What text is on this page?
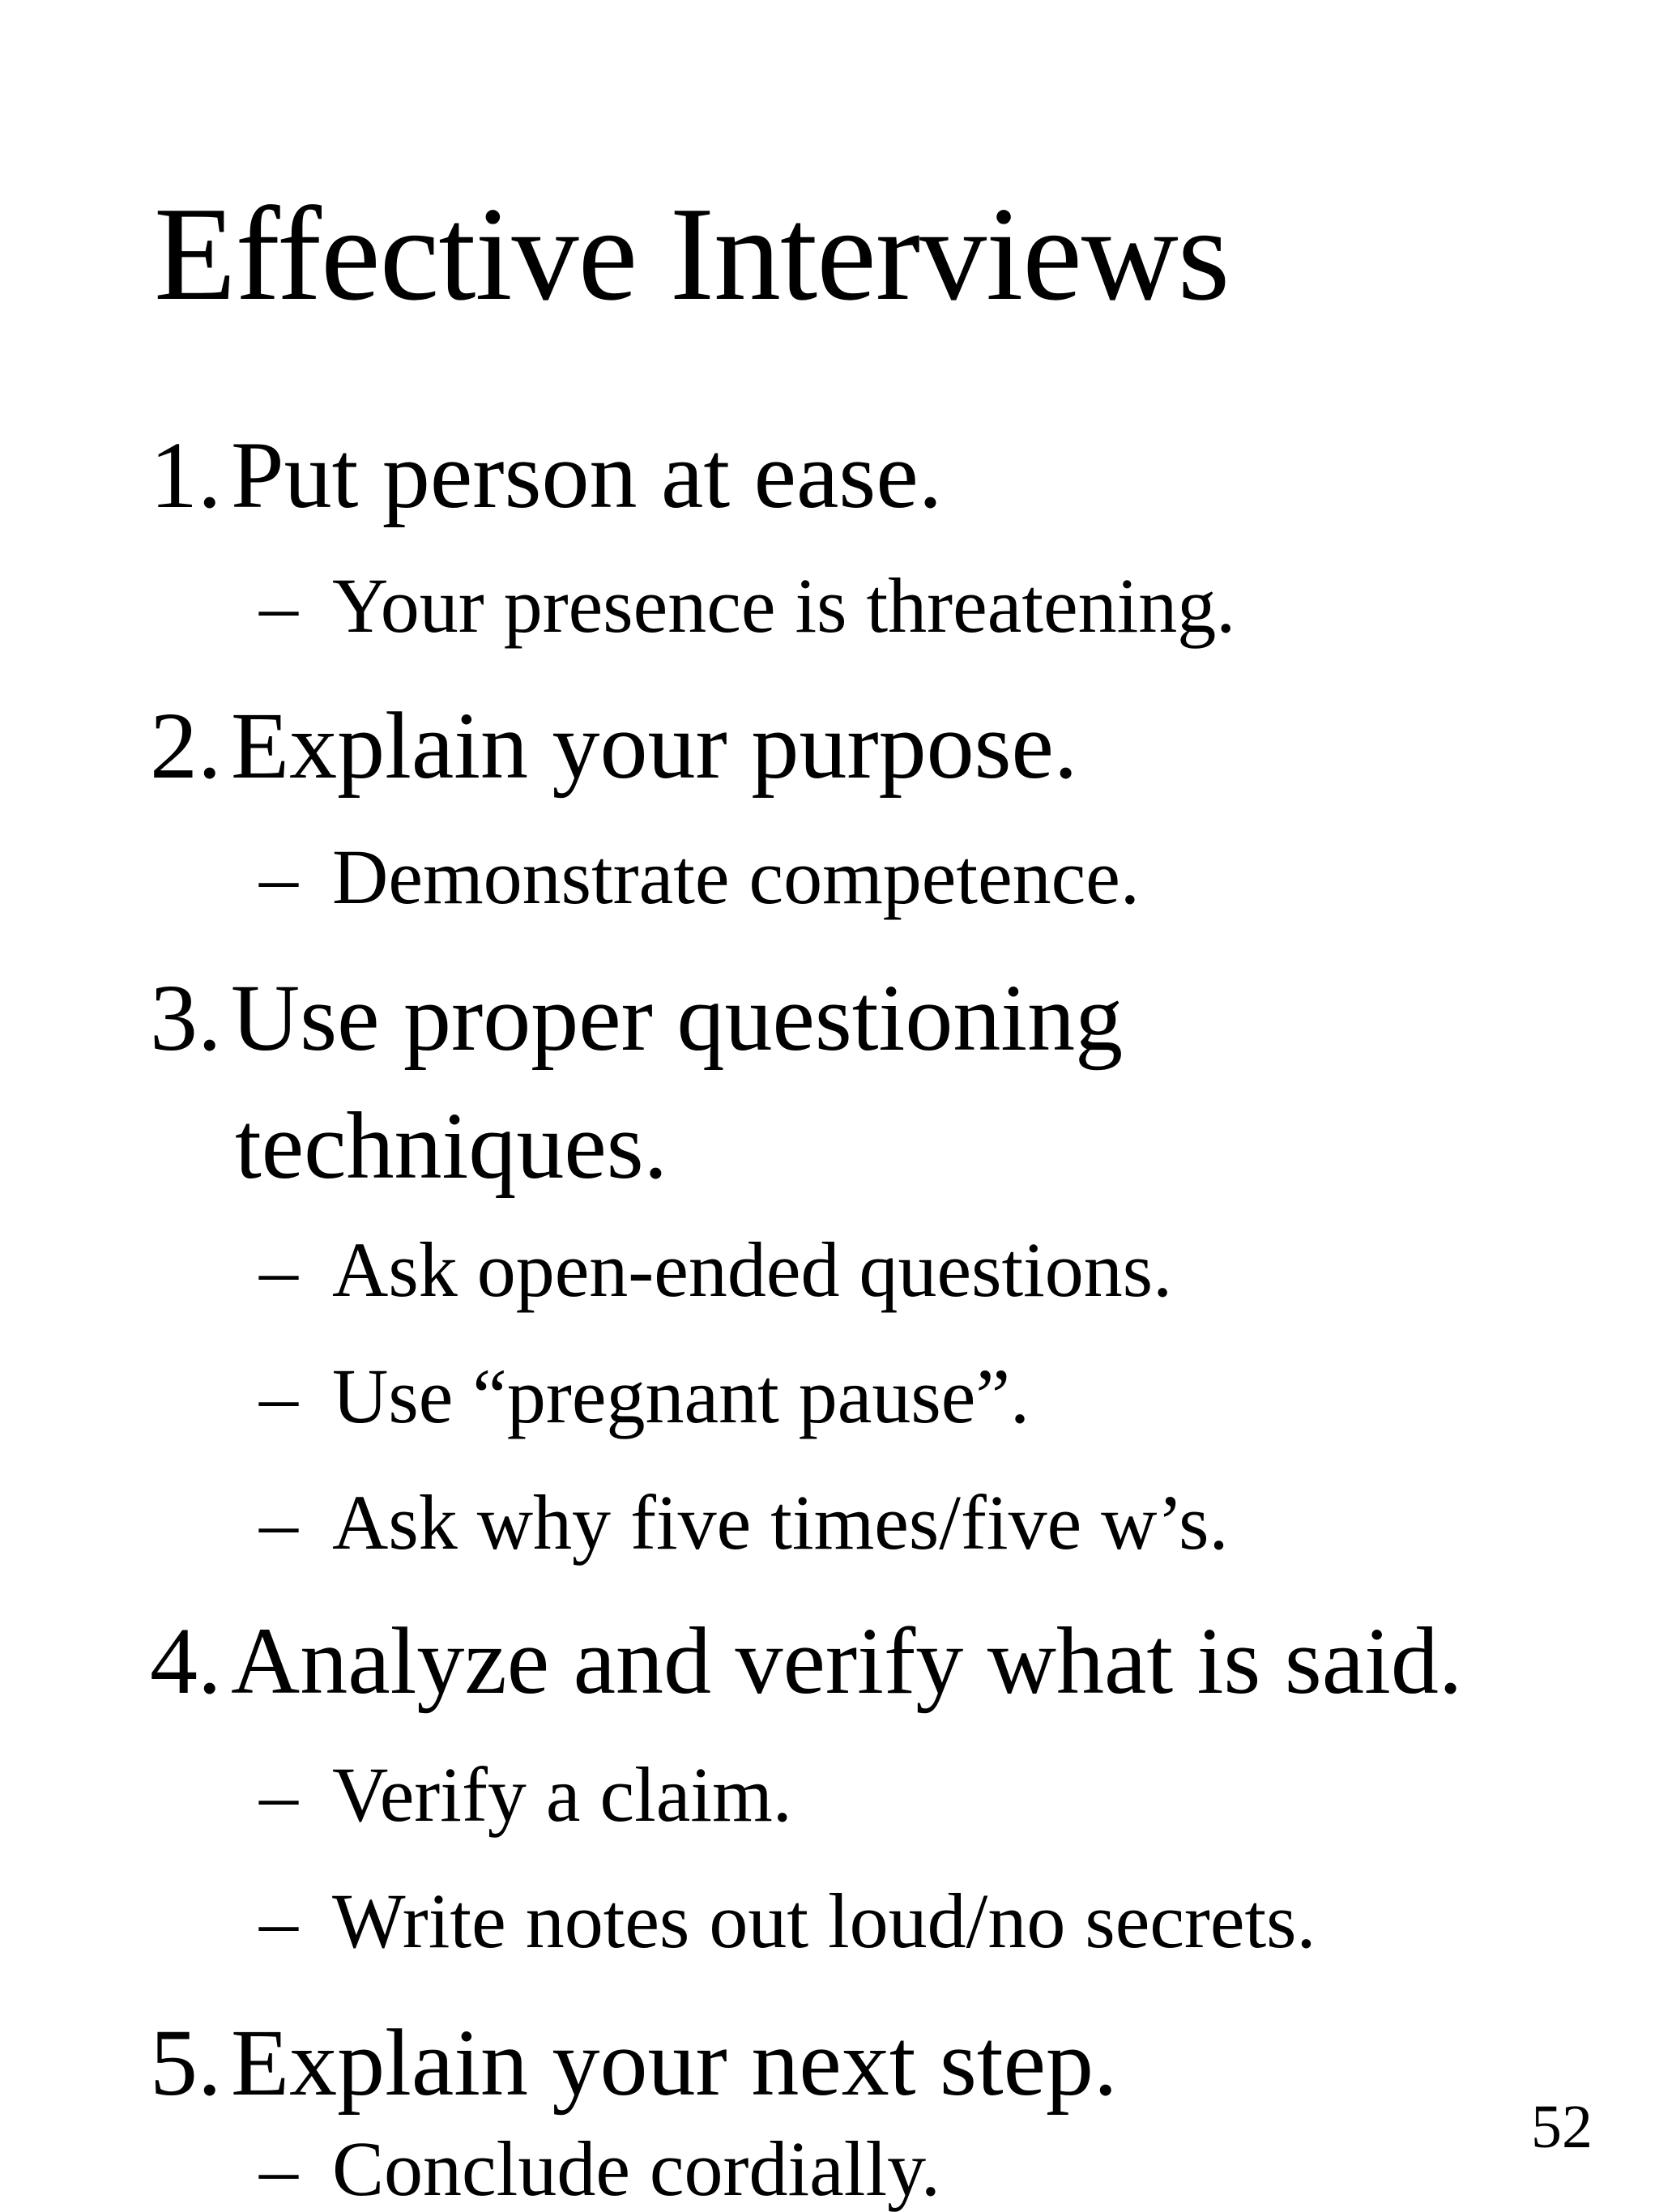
Effective Interviews
1.Put person at ease.
– Your presence is threatening.
2.Explain your purpose.
– Demonstrate competence.
3.Use proper questioning
techniques.
– Ask open-ended questions.
– Use “pregnant pause”.
– Ask why five times/five w’s.
4.Analyze and verify what is said.
– Verify a claim.
– Write notes out loud/no secrets.
5.Explain your next step.
– Conclude cordially.	52
